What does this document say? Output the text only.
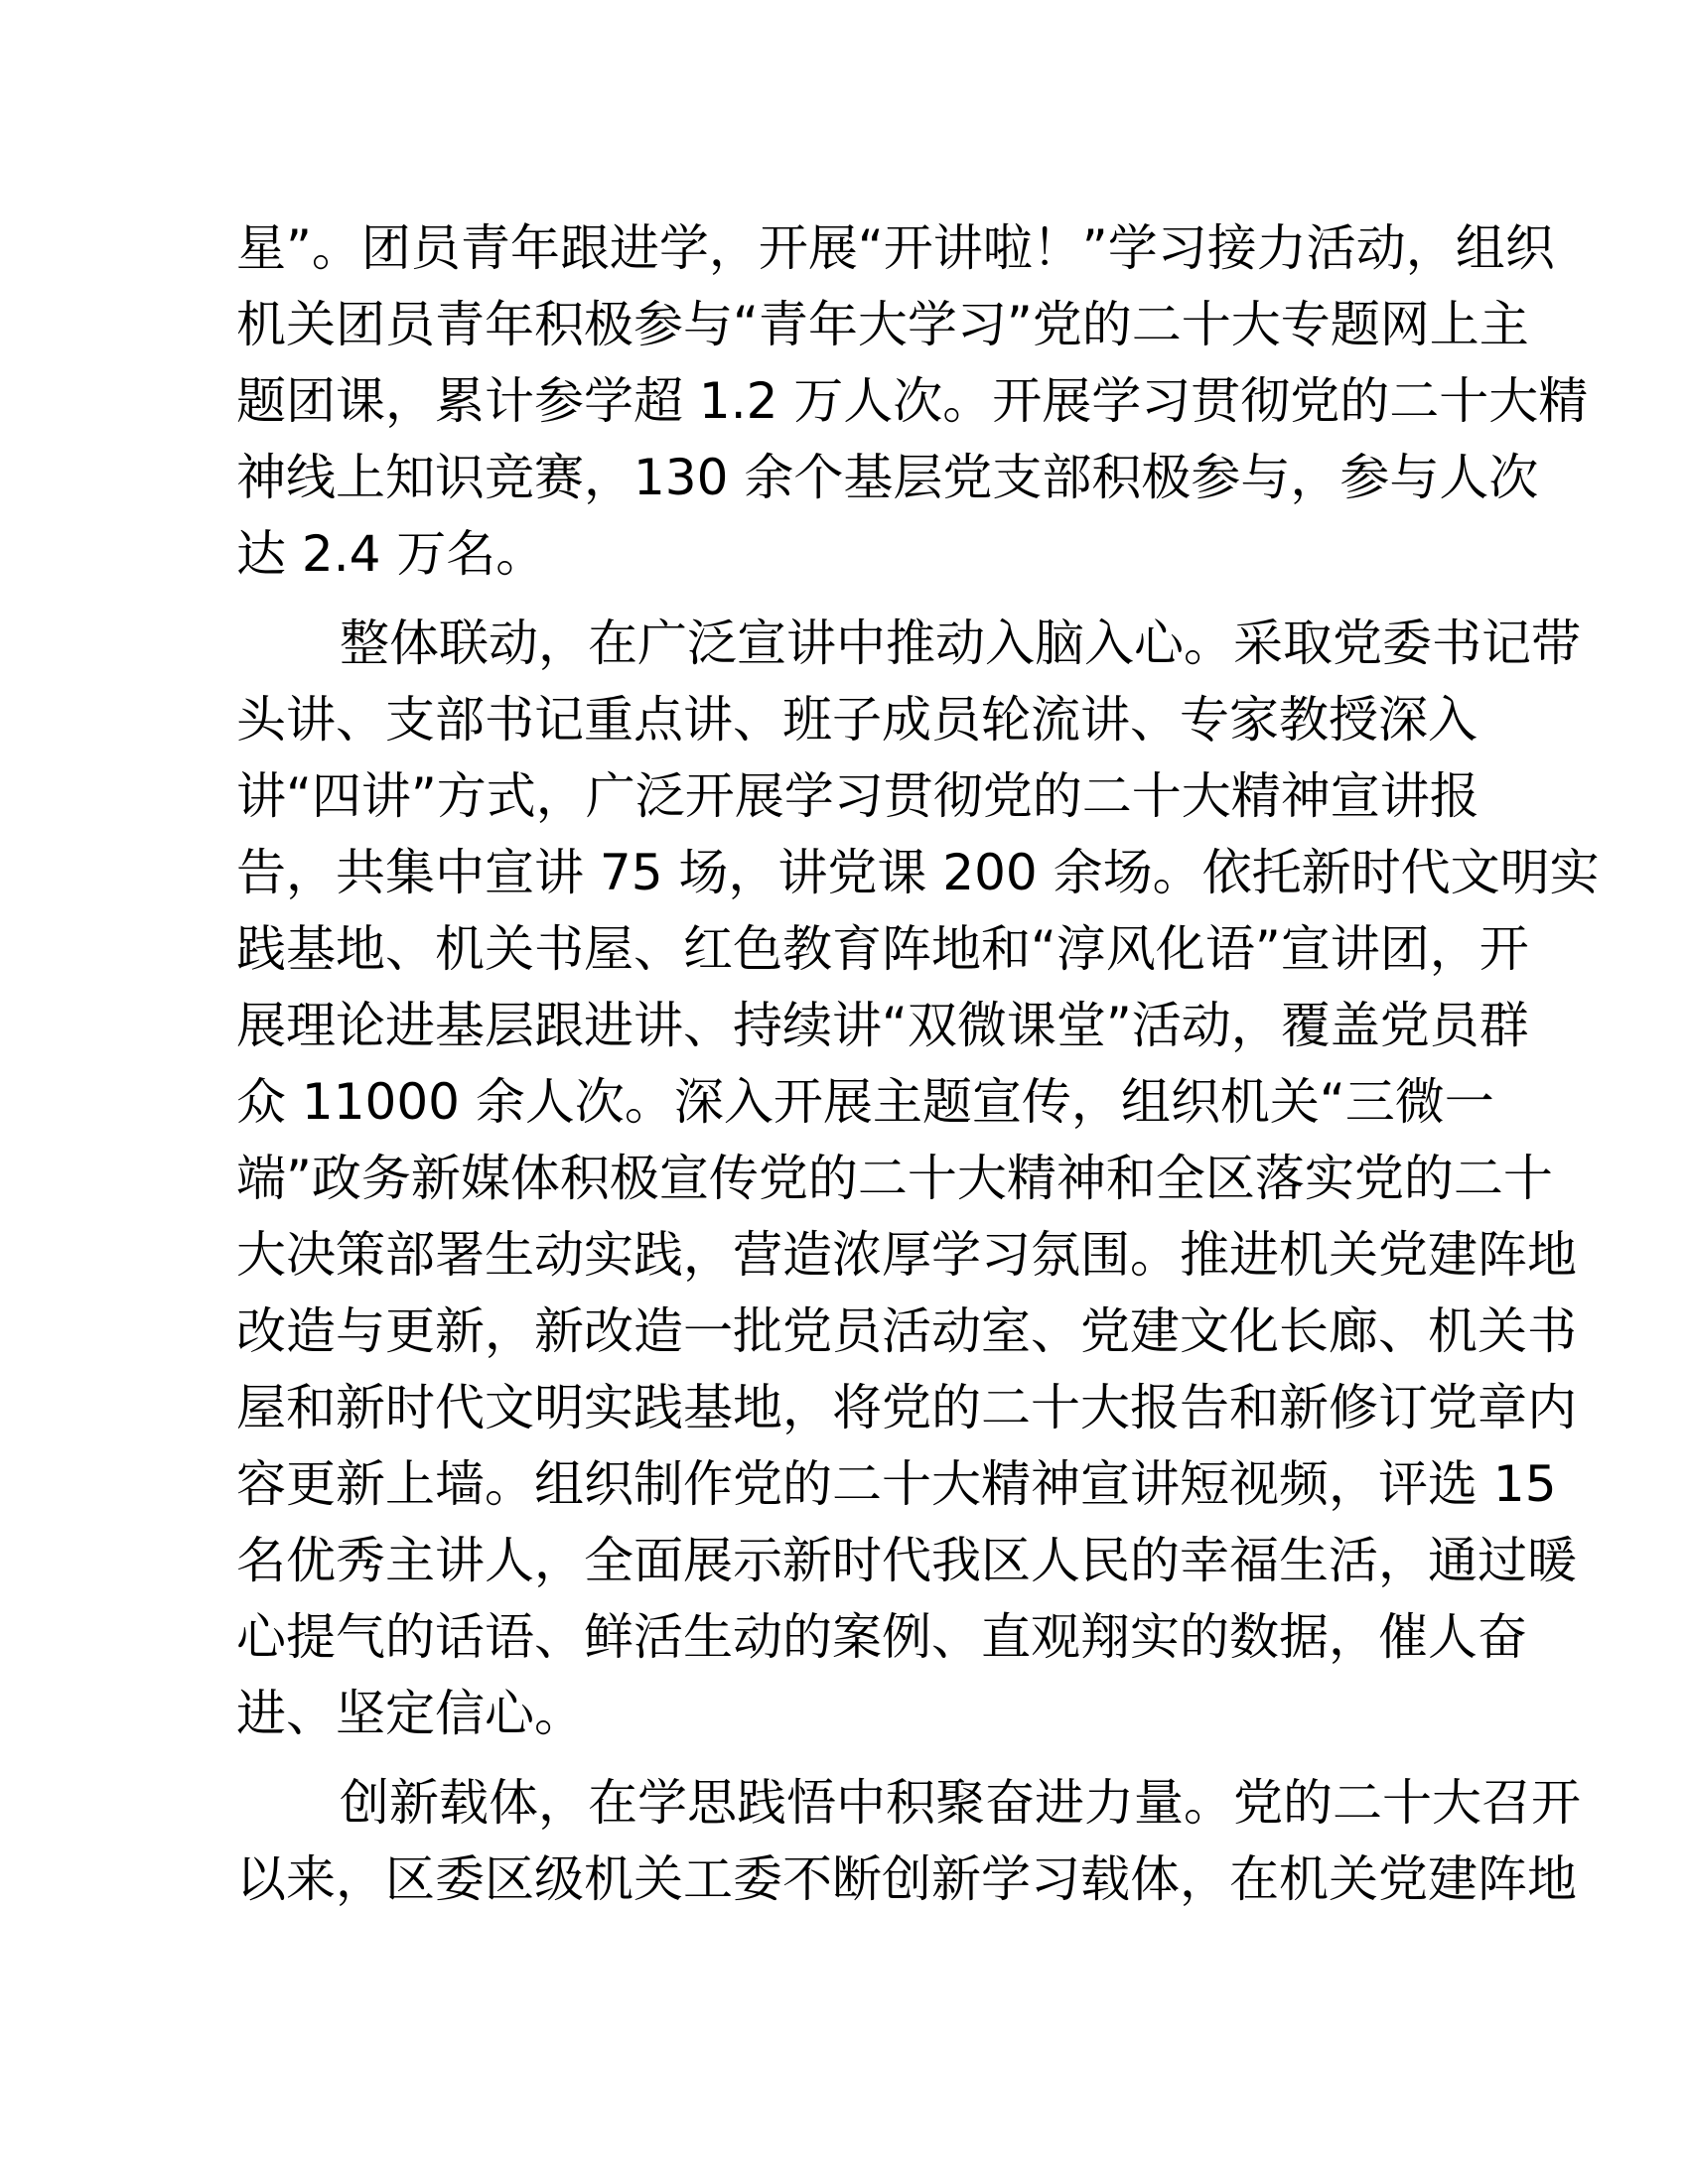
星”。团员青年跟进学，开展“开讲啦！”学习接力活动，组织
机关团员青年积极参与“青年大学习”党的二十大专题网上主
题团课，累计参学超 1.2 万人次。开展学习贯彻党的二十大精
神线上知识竞赛，130 余个基层党支部积极参与，参与人次
达 2.4 万名。
整体联动，在广泛宣讲中推动入脑入心。采取党委书记带
头讲、支部书记重点讲、班子成员轮流讲、专家教授深入
讲“四讲”方式，广泛开展学习贯彻党的二十大精神宣讲报
告，共集中宣讲 75 场，讲党课 200 余场。依托新时代文明实
践基地、机关书屋、红色教育阵地和“淳风化语”宣讲团，开
展理论进基层跟进讲、持续讲“双微课堂”活动，覆盖党员群
众 11000 余人次。深入开展主题宣传，组织机关“三微一
端”政务新媒体积极宣传党的二十大精神和全区落实党的二十
大决策部署生动实践，营造浓厚学习氛围。推进机关党建阵地
改造与更新，新改造一批党员活动室、党建文化长廊、机关书
屋和新时代文明实践基地，将党的二十大报告和新修订党章内
容更新上墙。组织制作党的二十大精神宣讲短视频，评选 15
名优秀主讲人，全面展示新时代我区人民的幸福生活，通过暖
心提气的话语、鲜活生动的案例、直观翔实的数据，催人奋
进、坚定信心。
创新载体，在学思践悟中积聚奋进力量。党的二十大召开
以来，区委区级机关工委不断创新学习载体，在机关党建阵地
